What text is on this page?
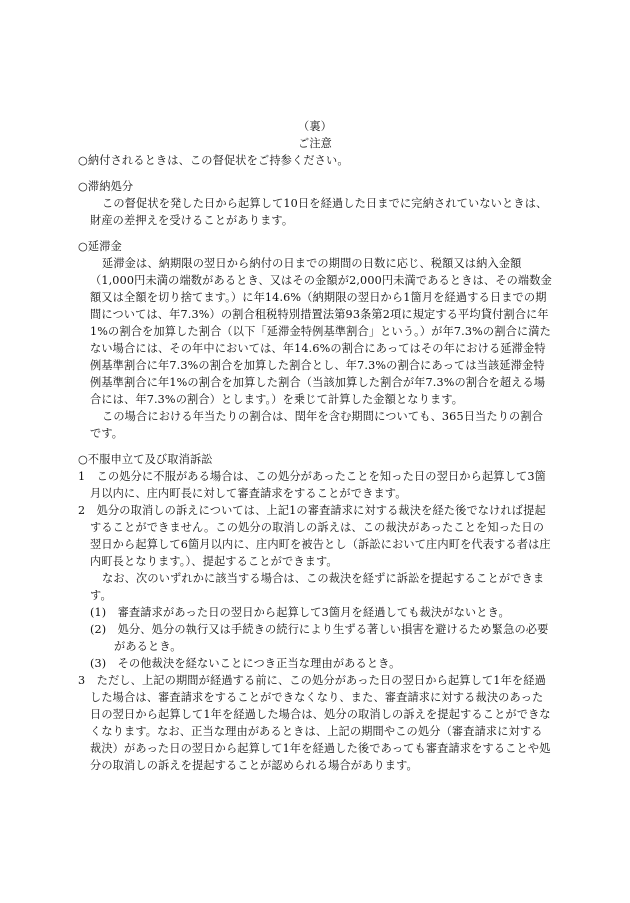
（裏）

ご注意

○納付されるときは、この督促状をご持参ください。

○滞納処分

この督促状を発した日から起算して10日を経過した日までに完納されていないときは、財産の差押えを受けることがあります。

○延滞金

延滞金は、納期限の翌日から納付の日までの期間の日数に応じ、税額又は納入金額（1,000円未満の端数があるとき、又はその金額が2,000円未満であるときは、その端数金額又は全額を切り捨てます。）に年14.6%（納期限の翌日から1箇月を経過する日までの期間については、年7.3%）の割合租税特別措置法第93条第2項に規定する平均貸付割合に年1%の割合を加算した割合（以下「延滞金特例基準割合」という。）が年7.3%の割合に満たない場合には、その年中においては、年14.6%の割合にあってはその年における延滞金特例基準割合に年7.3%の割合を加算した割合とし、年7.3%の割合にあっては当該延滞金特例基準割合に年1%の割合を加算した割合（当該加算した割合が年7.3%の割合を超える場合には、年7.3%の割合）とします。）を乗じて計算した金額となります。

この場合における年当たりの割合は、閏年を含む期間についても、365日当たりの割合です。

○不服申立て及び取消訴訟

1　この処分に不服がある場合は、この処分があったことを知った日の翌日から起算して3箇月以内に、庄内町長に対して審査請求をすることができます。

2　処分の取消しの訴えについては、上記1の審査請求に対する裁決を経た後でなければ提起することができません。この処分の取消しの訴えは、この裁決があったことを知った日の翌日から起算して6箇月以内に、庄内町を被告とし（訴訟において庄内町を代表する者は庄内町長となります。）、提起することができます。

なお、次のいずれかに該当する場合は、この裁決を経ずに訴訟を提起することができます。

(1)　審査請求があった日の翌日から起算して3箇月を経過しても裁決がないとき。

(2)　処分、処分の執行又は手続きの続行により生ずる著しい損害を避けるため緊急の必要があるとき。

(3)　その他裁決を経ないことにつき正当な理由があるとき。

3　ただし、上記の期間が経過する前に、この処分があった日の翌日から起算して1年を経過した場合は、審査請求をすることができなくなり、また、審査請求に対する裁決のあった日の翌日から起算して1年を経過した場合は、処分の取消しの訴えを提起することができなくなります。なお、正当な理由があるときは、上記の期間やこの処分（審査請求に対する裁決）があった日の翌日から起算して1年を経過した後であっても審査請求をすることや処分の取消しの訴えを提起することが認められる場合があります。
